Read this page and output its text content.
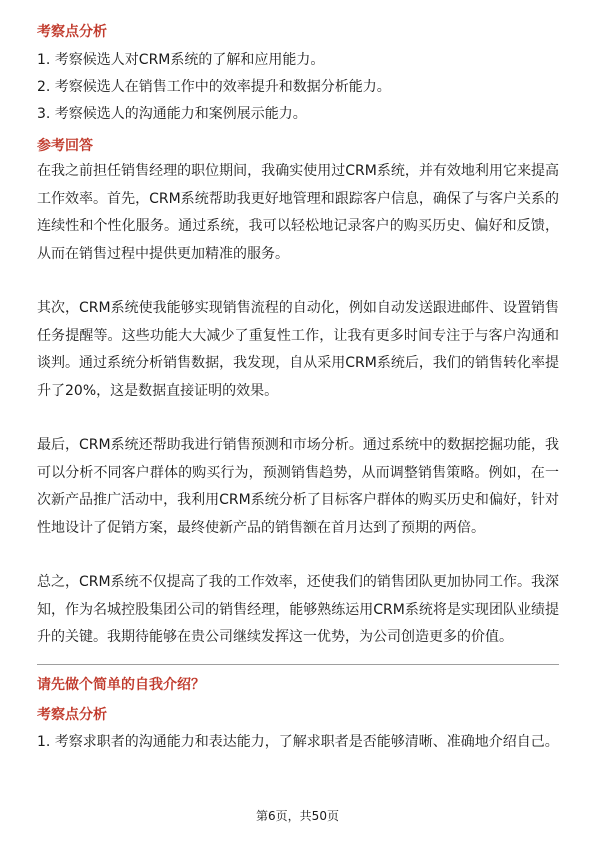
考察点分析
1. 考察候选人对CRM系统的了解和应用能力。
2. 考察候选人在销售工作中的效率提升和数据分析能力。
3. 考察候选人的沟通能力和案例展示能力。
参考回答

在我之前担任销售经理的职位期间，我确实使用过CRM系统，并有效地利用它来提高工作效率。首先，CRM系统帮助我更好地管理和跟踪客户信息，确保了与客户关系的连续性和个性化服务。通过系统，我可以轻松地记录客户的购买历史、偏好和反馈，从而在销售过程中提供更加精准的服务。

其次，CRM系统使我能够实现销售流程的自动化，例如自动发送跟进邮件、设置销售任务提醒等。这些功能大大减少了重复性工作，让我有更多时间专注于与客户沟通和谈判。通过系统分析销售数据，我发现，自从采用CRM系统后，我们的销售转化率提升了20%，这是数据直接证明的效果。

最后，CRM系统还帮助我进行销售预测和市场分析。通过系统中的数据挖掘功能，我可以分析不同客户群体的购买行为，预测销售趋势，从而调整销售策略。例如，在一次新产品推广活动中，我利用CRM系统分析了目标客户群体的购买历史和偏好，针对性地设计了促销方案，最终使新产品的销售额在首月达到了预期的两倍。

总之，CRM系统不仅提高了我的工作效率，还使我们的销售团队更加协同工作。我深知，作为名城控股集团公司的销售经理，能够熟练运用CRM系统将是实现团队业绩提升的关键。我期待能够在贵公司继续发挥这一优势，为公司创造更多的价值。

请先做个简单的自我介绍？
考察点分析

1. 考察求职者的沟通能力和表达能力，了解求职者是否能够清晰、准确地介绍自己。

第6页，共50页
